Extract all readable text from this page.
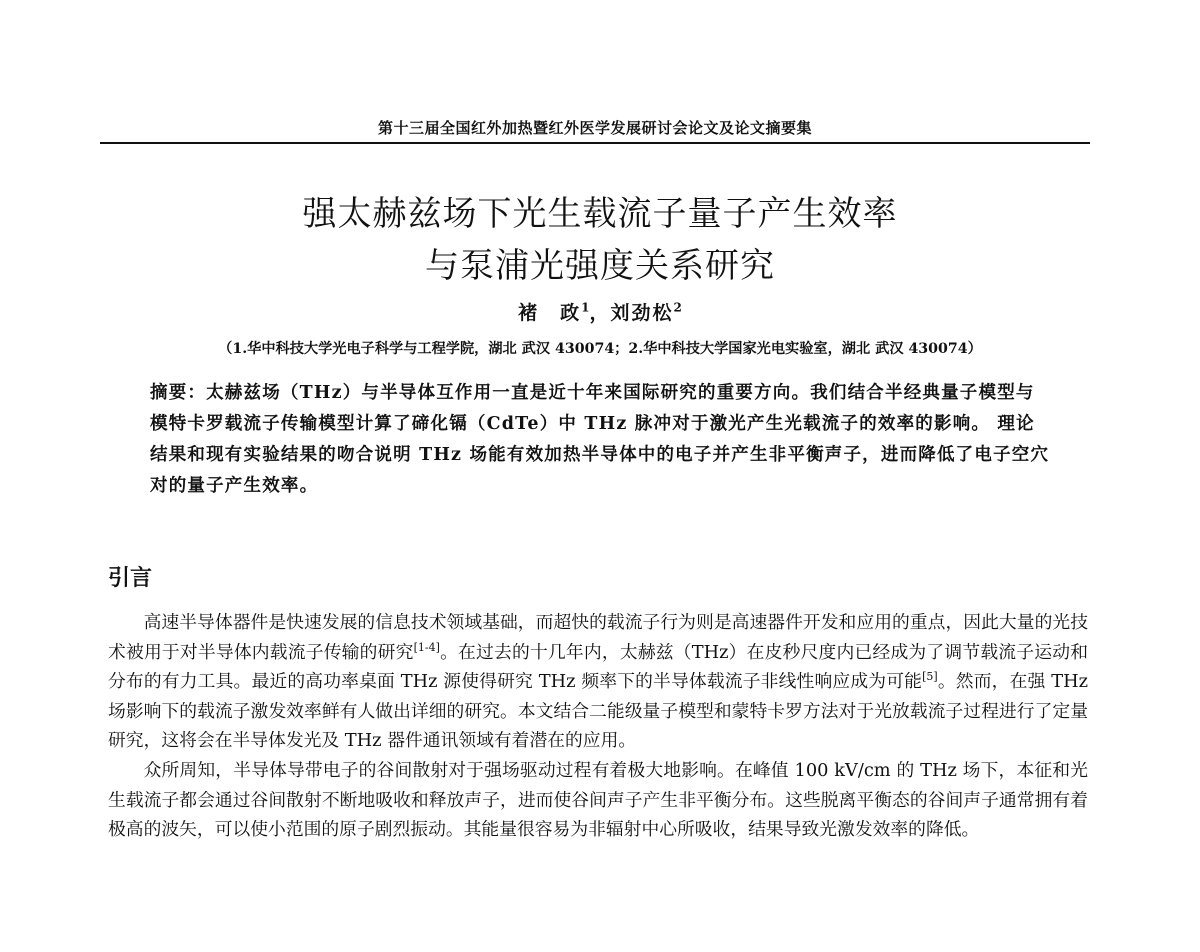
第十三届全国红外加热暨红外医学发展研讨会论文及论文摘要集
强太赫兹场下光生载流子量子产生效率
与泵浦光强度关系研究
褚　政$^1$，刘劲松$^2$
（1.华中科技大学光电子科学与工程学院，湖北 武汉 430074；2.华中科技大学国家光电实验室，湖北 武汉 430074）
摘要：太赫兹场（THz）与半导体互作用一直是近十年来国际研究的重要方向。我们结合半经典量子模型与模特卡罗载流子传输模型计算了碲化镉（CdTe）中 THz 脉冲对于激光产生光载流子的效率的影响。 理论结果和现有实验结果的吻合说明 THz 场能有效加热半导体中的电子并产生非平衡声子，进而降低了电子空穴对的量子产生效率。
引言

高速半导体器件是快速发展的信息技术领域基础，而超快的载流子行为则是高速器件开发和应用的重点，因此大量的光技术被用于对半导体内载流子传输的研究[1-4]。在过去的十几年内，太赫兹（THz）在皮秒尺度内已经成为了调节载流子运动和分布的有力工具。最近的高功率桌面 THz 源使得研究 THz 频率下的半导体载流子非线性响应成为可能[5]。然而，在强 THz 场影响下的载流子激发效率鲜有人做出详细的研究。本文结合二能级量子模型和蒙特卡罗方法对于光放载流子过程进行了定量研究，这将会在半导体发光及 THz 器件通讯领域有着潜在的应用。

众所周知，半导体导带电子的谷间散射对于强场驱动过程有着极大地影响。在峰值 100 kV/cm 的 THz 场下，本征和光生载流子都会通过谷间散射不断地吸收和释放声子，进而使谷间声子产生非平衡分布。这些脱离平衡态的谷间声子通常拥有着极高的波矢，可以使小范围的原子剧烈振动。其能量很容易为非辐射中心所吸收，结果导致光激发效率的降低。
